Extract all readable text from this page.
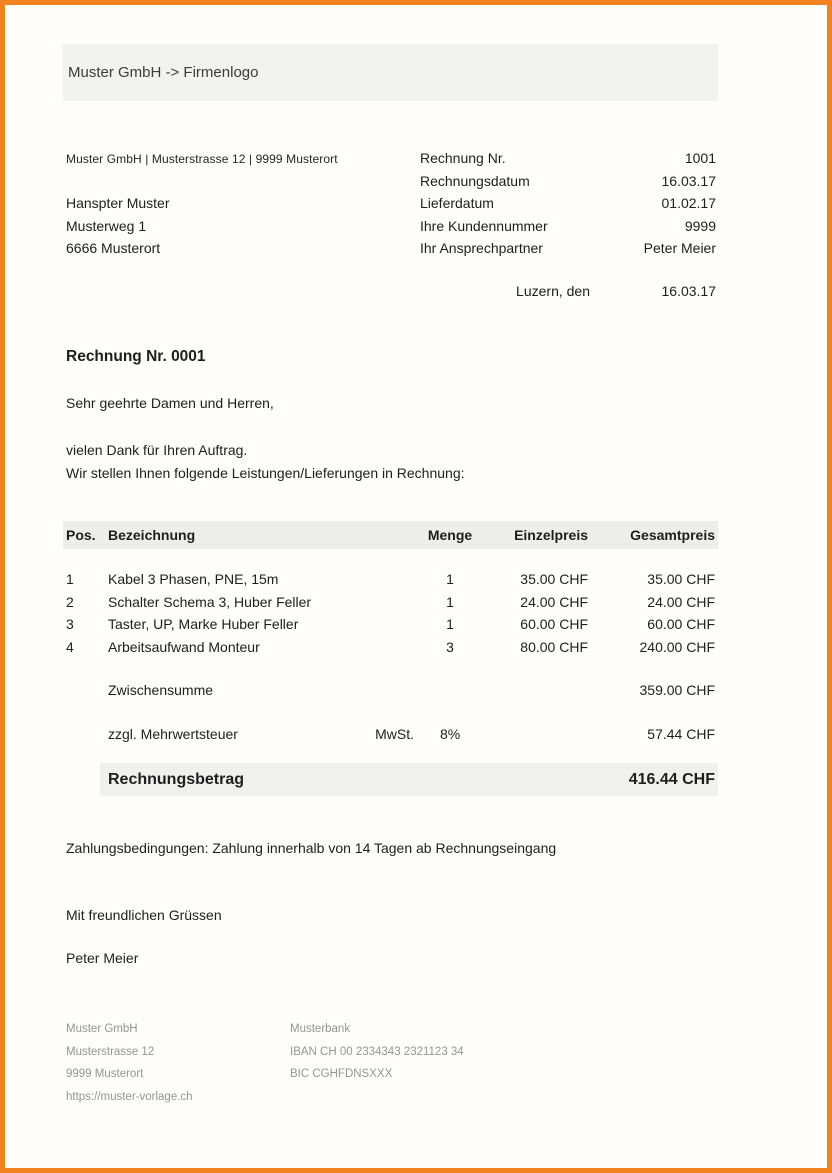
Muster GmbH -> Firmenlogo
Muster GmbH | Musterstrasse 12 | 9999 Musterort
Hanspter Muster
Musterweg 1
6666 Musterort
Rechnung Nr.	1001
Rechnungsdatum	16.03.17
Lieferdatum	01.02.17
Ihre Kundennummer	9999
Ihr Ansprechpartner	Peter Meier
Luzern, den	16.03.17
Rechnung Nr. 0001
Sehr geehrte Damen und Herren,
vielen Dank für Ihren Auftrag.
Wir stellen Ihnen folgende Leistungen/Lieferungen in Rechnung:
Pos. Bezeichnung	Menge	Einzelpreis	Gesamtpreis
1	Kabel 3 Phasen, PNE, 15m	1	35.00 CHF	35.00 CHF
2	Schalter Schema 3, Huber Feller	1	24.00 CHF	24.00 CHF
3	Taster, UP, Marke Huber Feller	1	60.00 CHF	60.00 CHF
4	Arbeitsaufwand Monteur	3	80.00 CHF	240.00 CHF
Zwischensumme	359.00 CHF
zzgl. Mehrwertsteuer	MwSt.	8%	57.44 CHF
Rechnungsbetrag	416.44 CHF
Zahlungsbedingungen: Zahlung innerhalb von 14 Tagen ab Rechnungseingang
Mit freundlichen Grüssen
Peter Meier
Muster GmbH
Musterstrasse 12
9999 Musterort
https://muster-vorlage.ch
Musterbank
IBAN CH 00 2334343 2321123 34
BIC CGHFDNSXXX
